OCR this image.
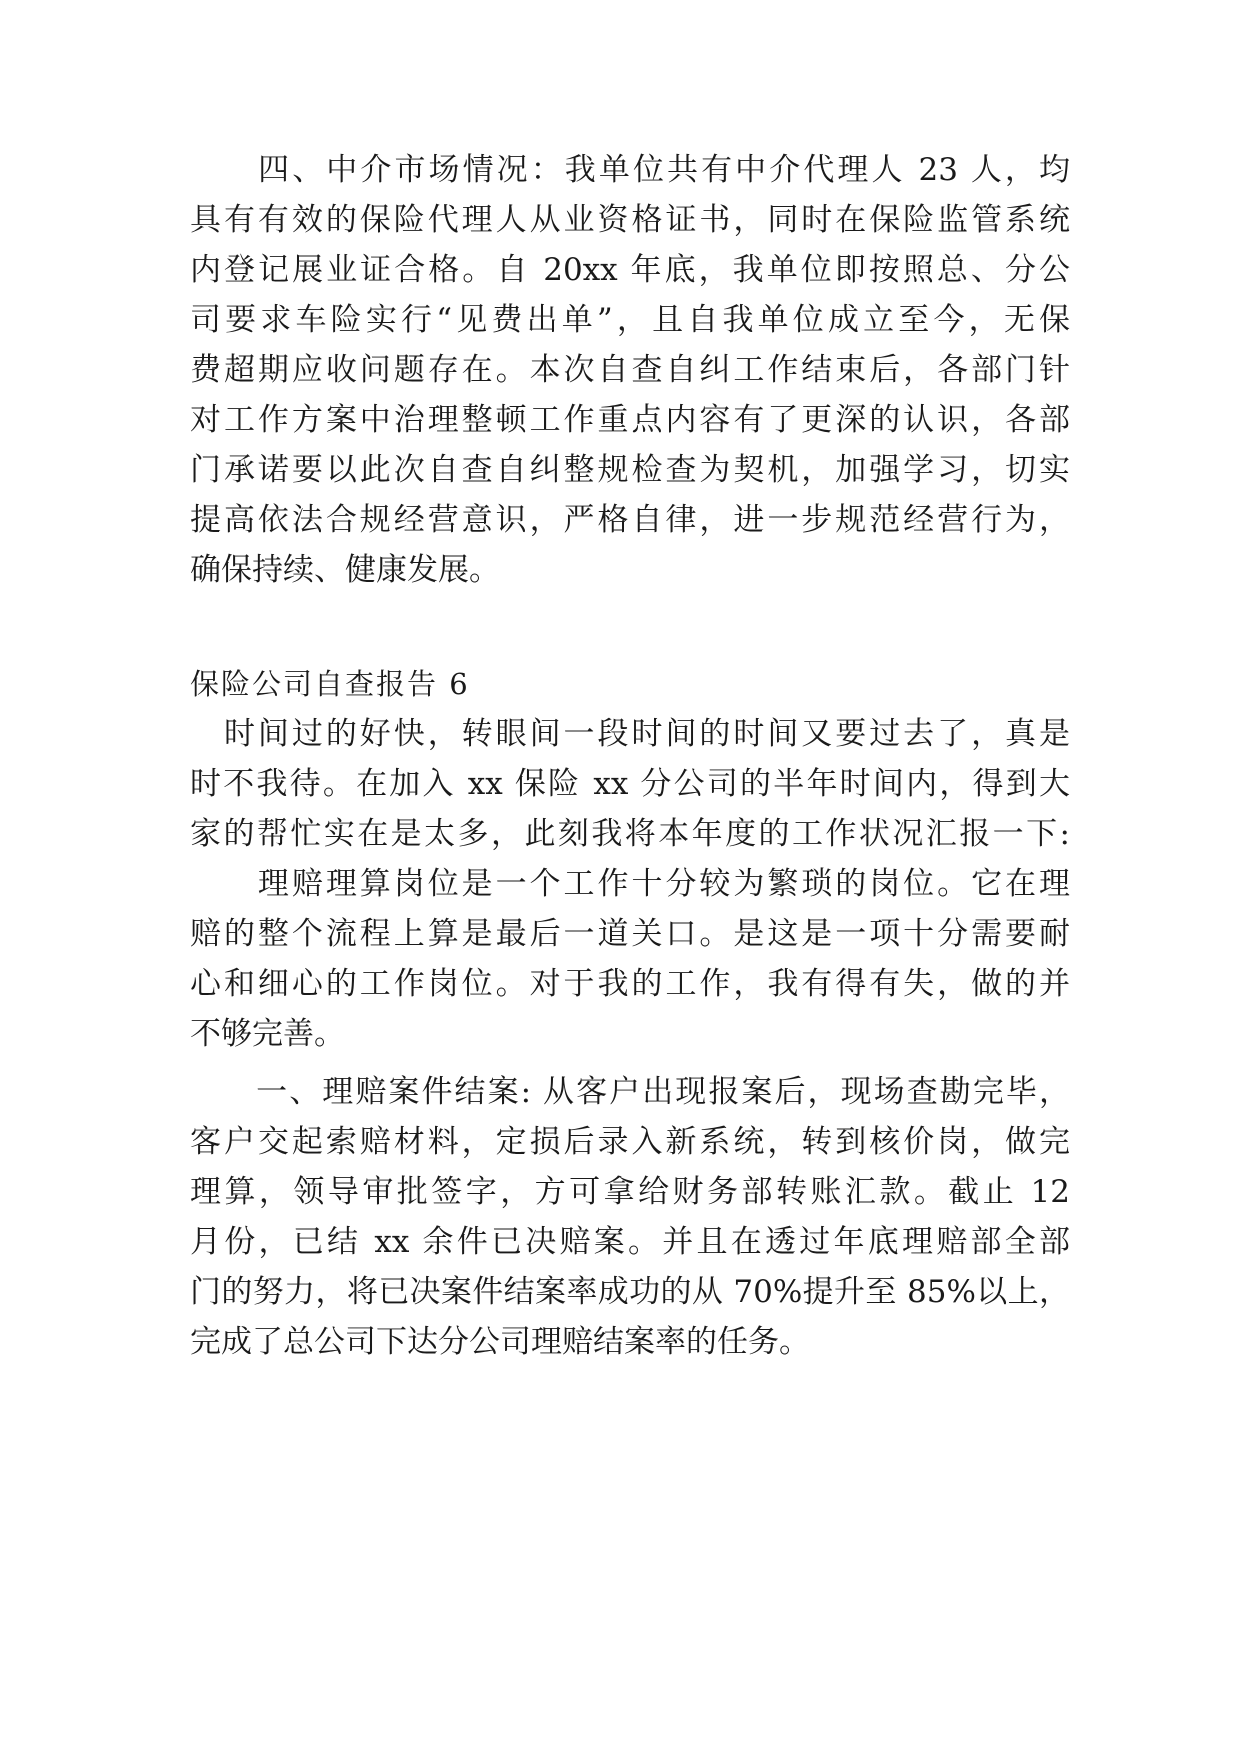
　　四、中介市场情况：我单位共有中介代理人 23 人，均
具有有效的保险代理人从业资格证书，同时在保险监管系统
内登记展业证合格。自 20xx 年底，我单位即按照总、分公
司要求车险实行“见费出单”，且自我单位成立至今，无保
费超期应收问题存在。本次自查自纠工作结束后，各部门针
对工作方案中治理整顿工作重点内容有了更深的认识，各部
门承诺要以此次自查自纠整规检查为契机，加强学习，切实
提高依法合规经营意识，严格自律，进一步规范经营行为，
确保持续、健康发展。
保险公司自查报告 6
　时间过的好快，转眼间一段时间的时间又要过去了，真是
时不我待。在加入 xx 保险 xx 分公司的半年时间内，得到大
家的帮忙实在是太多，此刻我将本年度的工作状况汇报一下:
　　理赔理算岗位是一个工作十分较为繁琐的岗位。它在理
赔的整个流程上算是最后一道关口。是这是一项十分需要耐
心和细心的工作岗位。对于我的工作，我有得有失，做的并
不够完善。
　　一、理赔案件结案: 从客户出现报案后，现场查勘完毕，
客户交起索赔材料，定损后录入新系统，转到核价岗，做完
理算，领导审批签字，方可拿给财务部转账汇款。截止 12
月份，已结 xx 余件已决赔案。并且在透过年底理赔部全部
门的努力，将已决案件结案率成功的从 70%提升至 85%以上，
完成了总公司下达分公司理赔结案率的任务。
